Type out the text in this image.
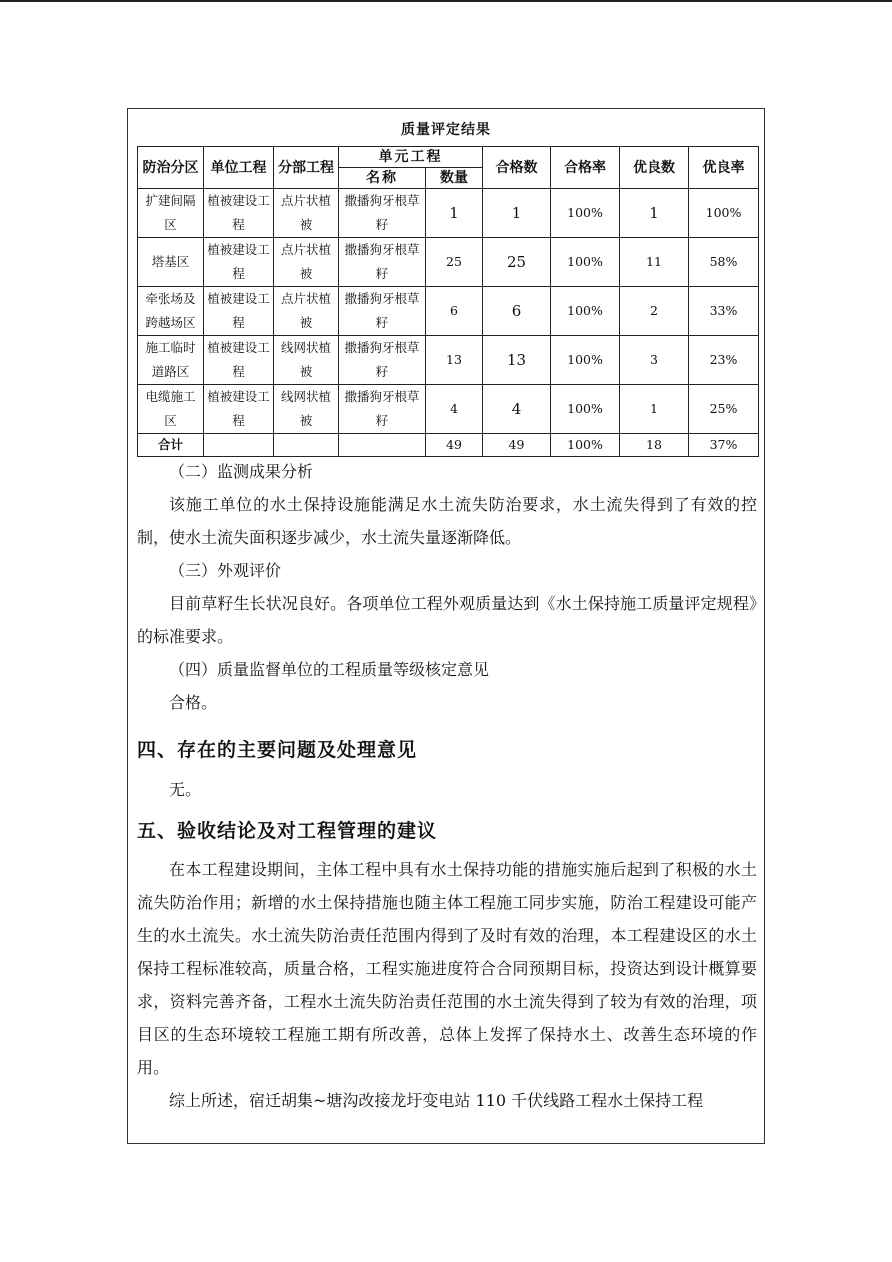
质量评定结果
防治分区	单位工程	分部工程	单元工程		合格数	合格率	优良数	优良率
			名称	数量				
扩建间隔区	植被建设工程	点片状植被	撒播狗牙根草籽	1	1	100%	1	100%
塔基区	植被建设工程	点片状植被	撒播狗牙根草籽	25	25	100%	11	58%
牵张场及跨越场区	植被建设工程	点片状植被	撒播狗牙根草籽	6	6	100%	2	33%
施工临时道路区	植被建设工程	线网状植被	撒播狗牙根草籽	13	13	100%	3	23%
电缆施工区	植被建设工程	线网状植被	撒播狗牙根草籽	4	4	100%	1	25%
合计				49	49	100%	18	37%

（二）监测成果分析

该施工单位的水土保持设施能满足水土流失防治要求，水土流失得到了有效的控制，使水土流失面积逐步减少，水土流失量逐渐降低。

（三）外观评价

目前草籽生长状况良好。各项单位工程外观质量达到《水土保持施工质量评定规程》的标准要求。

（四）质量监督单位的工程质量等级核定意见

合格。

四、存在的主要问题及处理意见

无。

五、验收结论及对工程管理的建议

在本工程建设期间，主体工程中具有水土保持功能的措施实施后起到了积极的水土流失防治作用；新增的水土保持措施也随主体工程施工同步实施，防治工程建设可能产生的水土流失。水土流失防治责任范围内得到了及时有效的治理，本工程建设区的水土保持工程标准较高，质量合格，工程实施进度符合合同预期目标，投资达到设计概算要求，资料完善齐备，工程水土流失防治责任范围的水土流失得到了较为有效的治理，项目区的生态环境较工程施工期有所改善，总体上发挥了保持水土、改善生态环境的作用。

综上所述，宿迁胡集~塘沟改接龙圩变电站 110 千伏线路工程水土保持工程
